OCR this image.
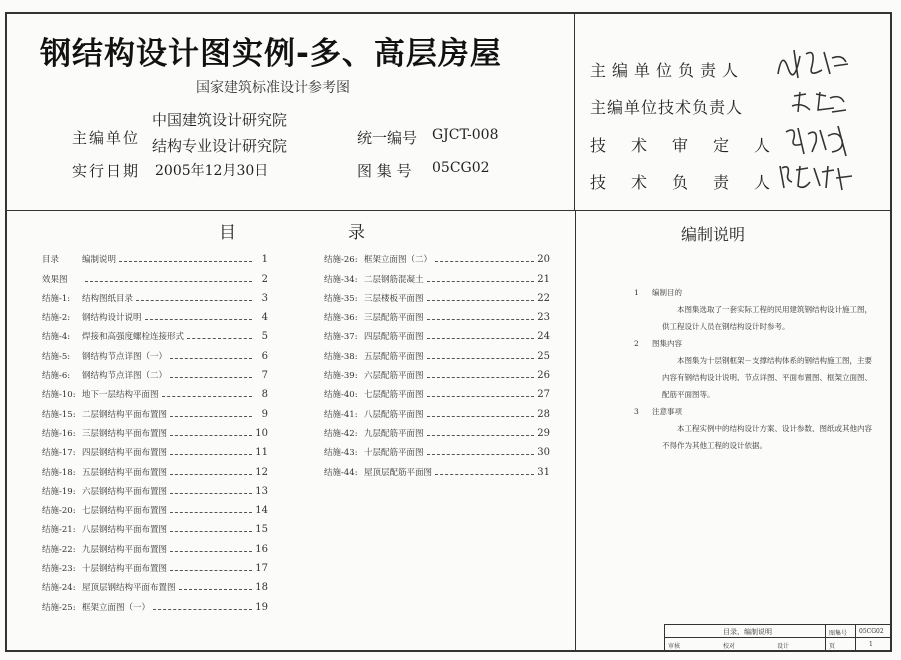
钢结构设计图实例-多、高层房屋
国家建筑标准设计参考图
主编单位
中国建筑设计研究院
结构专业设计研究院
实行日期 2005年12月30日
统一编号 GJCT-008
图 集 号 05CG02
主编单位负责人
主编单位技术负责人
技术审定人
技术负责人
目	录
目录	编制说明	1
效果图	2
结施-1:	结构图纸目录	3
结施-2:	钢结构设计说明	4
结施-4:	焊接和高强度螺栓连接形式	5
结施-5:	钢结构节点详图（一）	6
结施-6:	钢结构节点详图（二）	7
结施-10: 地下一层结构平面图	8
结施-15: 二层钢结构平面布置图	9
结施-16: 三层钢结构平面布置图	10
结施-17: 四层钢结构平面布置图	11
结施-18: 五层钢结构平面布置图	12
结施-19: 六层钢结构平面布置图	13
结施-20: 七层钢结构平面布置图	14
结施-21: 八层钢结构平面布置图	15
结施-22: 九层钢结构平面布置图	16
结施-23: 十层钢结构平面布置图	17
结施-24: 屋顶层钢结构平面布置图	18
结施-25: 框架立面图（一）	19
结施-26: 框架立面图（二）	20
结施-34: 二层钢筋混凝土	21
结施-35: 三层楼板平面图	22
结施-36: 三层配筋平面图	23
结施-37: 四层配筋平面图	24
结施-38: 五层配筋平面图	25
结施-39: 六层配筋平面图	26
结施-40: 七层配筋平面图	27
结施-41: 八层配筋平面图	28
结施-42: 九层配筋平面图	29
结施-43: 十层配筋平面图	30
结施-44: 屋顶层配筋平面图	31
编制说明
1	编制目的
本图集选取了一套实际工程的民用建筑钢结构设计施工图，供工程设计人员在钢结构设计时参考。
2	图集内容
本图集为十层钢框架－支撑结构体系的钢结构施工图，主要内容有钢结构设计说明、节点详图、平面布置图、框架立面图、配筋平面图等。
3	注意事项
本工程实例中的结构设计方案、设计参数、图纸或其他内容不得作为其他工程的设计依据。
目录、编制说明	图集号 05CG02
审核	校对	设计	页	1
